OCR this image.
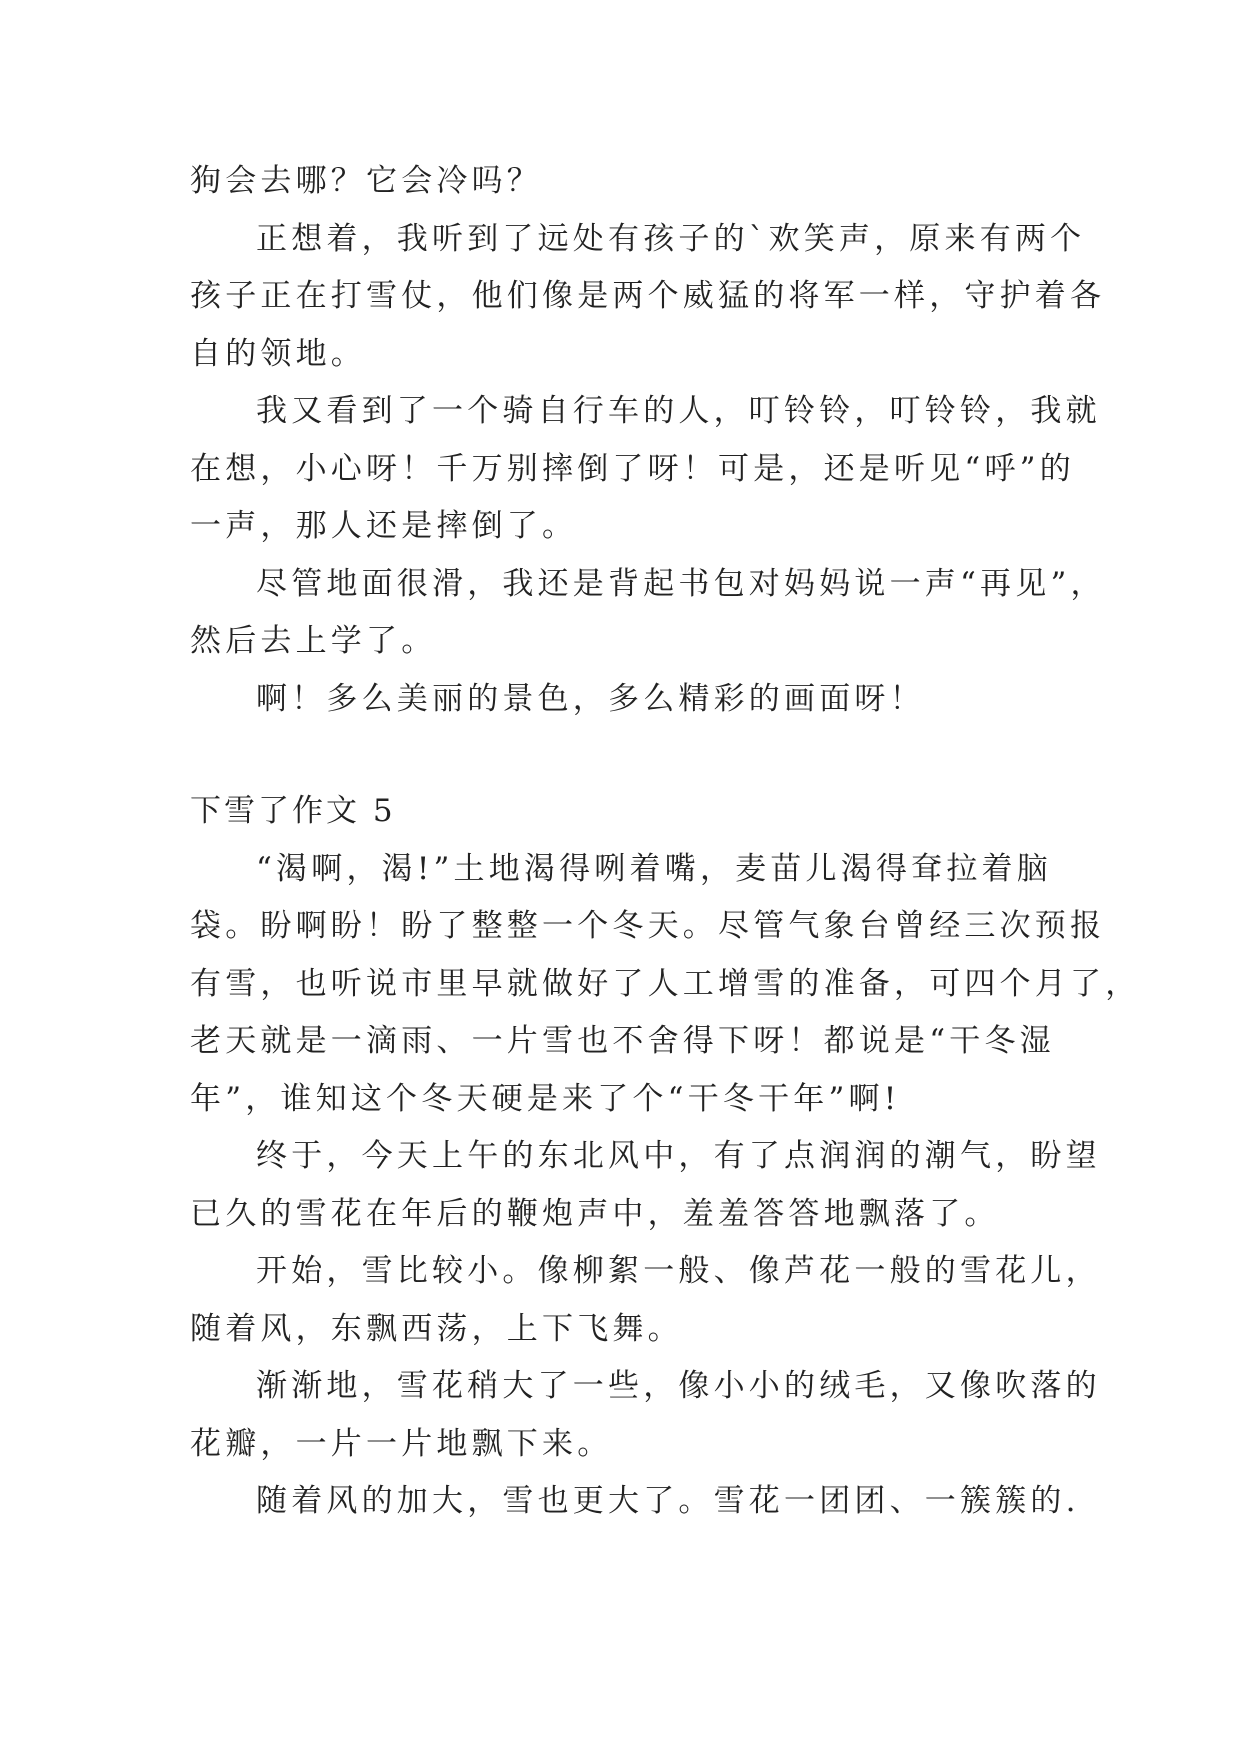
狗会去哪？它会冷吗？
正想着，我听到了远处有孩子的`欢笑声，原来有两个
孩子正在打雪仗，他们像是两个威猛的将军一样，守护着各
自的领地。
我又看到了一个骑自行车的人，叮铃铃，叮铃铃，我就
在想，小心呀！千万别摔倒了呀！可是，还是听见“呼”的
一声，那人还是摔倒了。
尽管地面很滑，我还是背起书包对妈妈说一声“再见”，
然后去上学了。
啊！多么美丽的景色，多么精彩的画面呀！
下雪了作文 5
“渴啊，渴!”土地渴得咧着嘴，麦苗儿渴得耷拉着脑
袋。盼啊盼！盼了整整一个冬天。尽管气象台曾经三次预报
有雪，也听说市里早就做好了人工增雪的准备，可四个月了，
老天就是一滴雨、一片雪也不舍得下呀！都说是“干冬湿
年”，谁知这个冬天硬是来了个“干冬干年”啊!
终于，今天上午的东北风中，有了点润润的潮气，盼望
已久的雪花在年后的鞭炮声中，羞羞答答地飘落了。
开始，雪比较小。像柳絮一般、像芦花一般的雪花儿，
随着风，东飘西荡，上下飞舞。
渐渐地，雪花稍大了一些，像小小的绒毛，又像吹落的
花瓣，一片一片地飘下来。
随着风的加大，雪也更大了。雪花一团团、一簇簇的.
